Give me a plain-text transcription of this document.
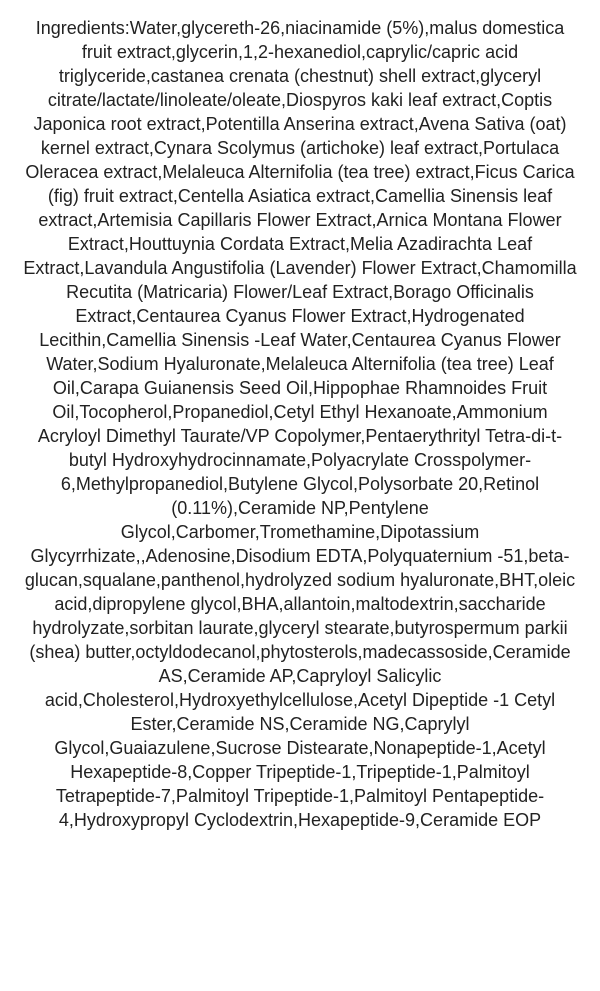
Ingredients:Water,glycereth-26,niacinamide (5%),malus domestica fruit extract,glycerin,1,2-hexanediol,caprylic/capric acid triglyceride,castanea crenata (chestnut) shell extract,glyceryl citrate/lactate/linoleate/oleate,Diospyros kaki leaf extract,Coptis Japonica root extract,Potentilla Anserina extract,Avena Sativa (oat) kernel extract,Cynara Scolymus (artichoke) leaf extract,Portulaca Oleracea extract,Melaleuca Alternifolia (tea tree) extract,Ficus Carica (fig) fruit extract,Centella Asiatica extract,Camellia Sinensis leaf extract,Artemisia Capillaris Flower Extract,Arnica Montana Flower Extract,Houttuynia Cordata Extract,Melia Azadirachta Leaf Extract,Lavandula Angustifolia (Lavender) Flower Extract,Chamomilla Recutita (Matricaria) Flower/Leaf Extract,Borago Officinalis Extract,Centaurea Cyanus Flower Extract,Hydrogenated Lecithin,Camellia Sinensis -Leaf Water,Centaurea Cyanus Flower Water,Sodium Hyaluronate,Melaleuca Alternifolia (tea tree) Leaf Oil,Carapa Guianensis Seed Oil,Hippophae Rhamnoides Fruit Oil,Tocopherol,Propanediol,Cetyl Ethyl Hexanoate,Ammonium Acryloyl Dimethyl Taurate/VP Copolymer,Pentaerythrityl Tetra-di-t-butyl Hydroxyhydrocinnamate,Polyacrylate Crosspolymer-6,Methylpropanediol,Butylene Glycol,Polysorbate 20,Retinol (0.11%),Ceramide NP,Pentylene Glycol,Carbomer,Tromethamine,Dipotassium Glycyrrhizate,,Adenosine,Disodium EDTA,Polyquaternium -51,beta-glucan,squalane,panthenol,hydrolyzed sodium hyaluronate,BHT,oleic acid,dipropylene glycol,BHA,allantoin,maltodextrin,saccharide hydrolyzate,sorbitan laurate,glyceryl stearate,butyrospermum parkii (shea) butter,octyldodecanol,phytosterols,madecassoside,Ceramide AS,Ceramide AP,Capryloyl Salicylic acid,Cholesterol,Hydroxyethylcellulose,Acetyl Dipeptide -1 Cetyl Ester,Ceramide NS,Ceramide NG,Caprylyl Glycol,Guaiazulene,Sucrose Distearate,Nonapeptide-1,Acetyl Hexapeptide-8,Copper Tripeptide-1,Tripeptide-1,Palmitoyl Tetrapeptide-7,Palmitoyl Tripeptide-1,Palmitoyl Pentapeptide-4,Hydroxypropyl Cyclodextrin,Hexapeptide-9,Ceramide EOP
